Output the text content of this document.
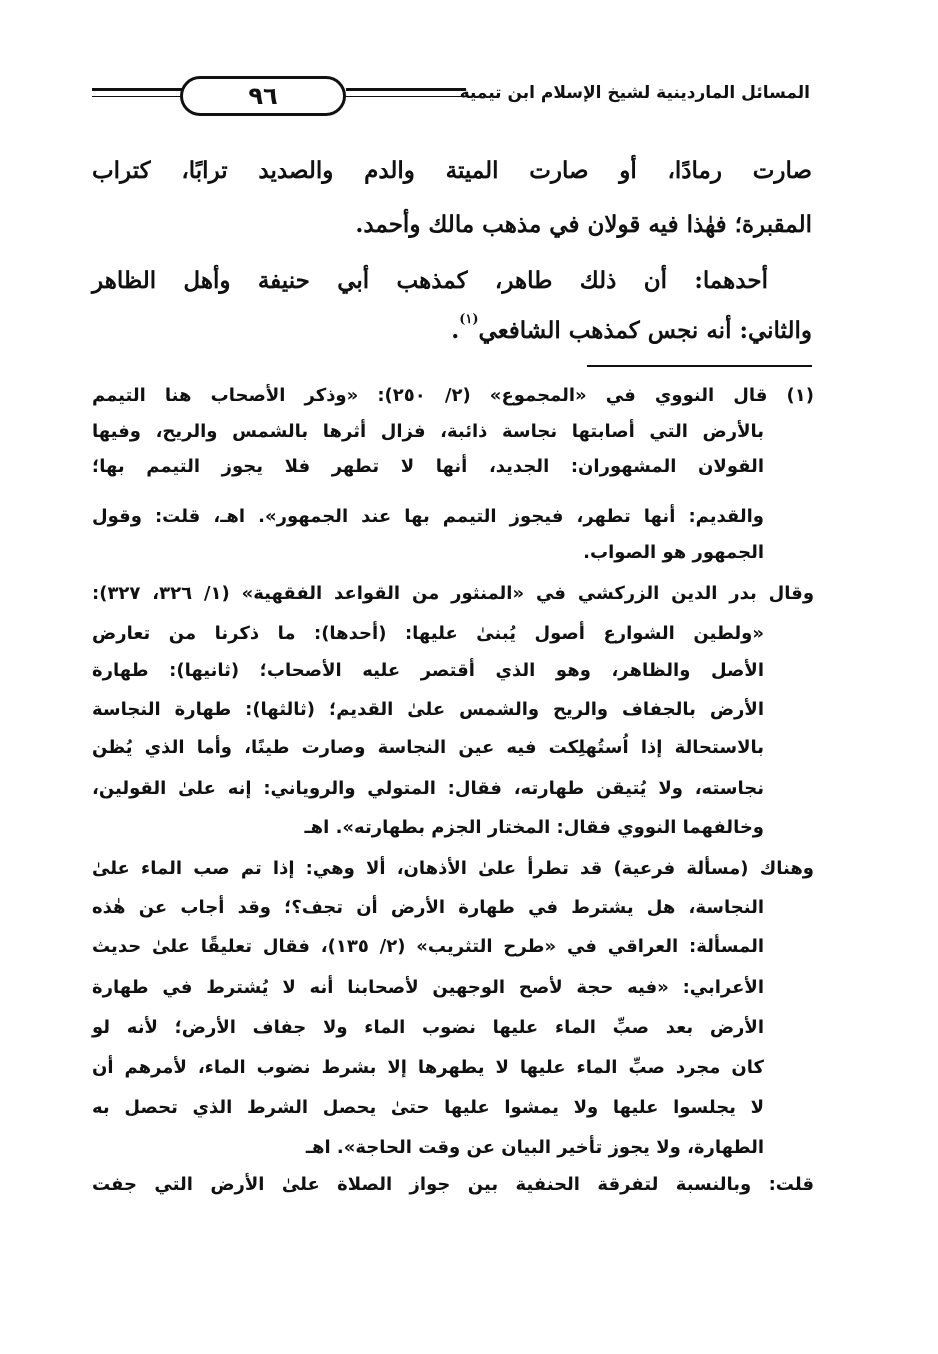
٩٦	المسائل الماردينية لشيخ الإسلام ابن تيمية
صارت رمادًا، أو صارت الميتة والدم والصديد ترابًا، كتراب
المقبرة؛ فهٰذا فيه قولان في مذهب مالك وأحمد.
أحدهما: أن ذلك طاهر، كمذهب أبي حنيفة وأهل الظاهر
والثاني: أنه نجس كمذهب الشافعي$^{(١)}$.
(١) قال النووي في «المجموع» (٢/ ٢٥٠): «وذكر الأصحاب هنا التيمم
بالأرض التي أصابتها نجاسة ذائبة، فزال أثرها بالشمس والريح، وفيها
القولان المشهوران: الجديد، أنها لا تطهر فلا يجوز التيمم بها؛
والقديم: أنها تطهر، فيجوز التيمم بها عند الجمهور». اهـ، قلت: وقول
الجمهور هو الصواب.
وقال بدر الدين الزركشي في «المنثور من القواعد الفقهية» (١/ ٣٢٦، ٣٢٧):
«ولطين الشوارع أصول يُبنىٰ عليها: (أحدها): ما ذكرنا من تعارض
الأصل والظاهر، وهو الذي أقتصر عليه الأصحاب؛ (ثانيها): طهارة
الأرض بالجفاف والريح والشمس علىٰ القديم؛ (ثالثها): طهارة النجاسة
بالاستحالة إذا اُستُهلِكت فيه عين النجاسة وصارت طينًا، وأما الذي يُظن
نجاسته، ولا يُتيقن طهارته، فقال: المتولي والروياني: إنه علىٰ القولين،
وخالفهما النووي فقال: المختار الجزم بطهارته». اهـ
وهناك (مسألة فرعية) قد تطرأ علىٰ الأذهان، ألا وهي: إذا تم صب الماء علىٰ
النجاسة، هل يشترط في طهارة الأرض أن تجف؟؛ وقد أجاب عن هٰذه
المسألة: العراقي في «طرح التثريب» (٢/ ١٣٥)، فقال تعليقًا علىٰ حديث
الأعرابي: «فيه حجة لأصح الوجهين لأصحابنا أنه لا يُشترط في طهارة
الأرض بعد صبِّ الماء عليها نضوب الماء ولا جفاف الأرض؛ لأنه لو
كان مجرد صبِّ الماء عليها لا يطهرها إلا بشرط نضوب الماء، لأمرهم أن
لا يجلسوا عليها ولا يمشوا عليها حتىٰ يحصل الشرط الذي تحصل به
الطهارة، ولا يجوز تأخير البيان عن وقت الحاجة». اهـ
قلت: وبالنسبة لتفرقة الحنفية بين جواز الصلاة علىٰ الأرض التي جفت
